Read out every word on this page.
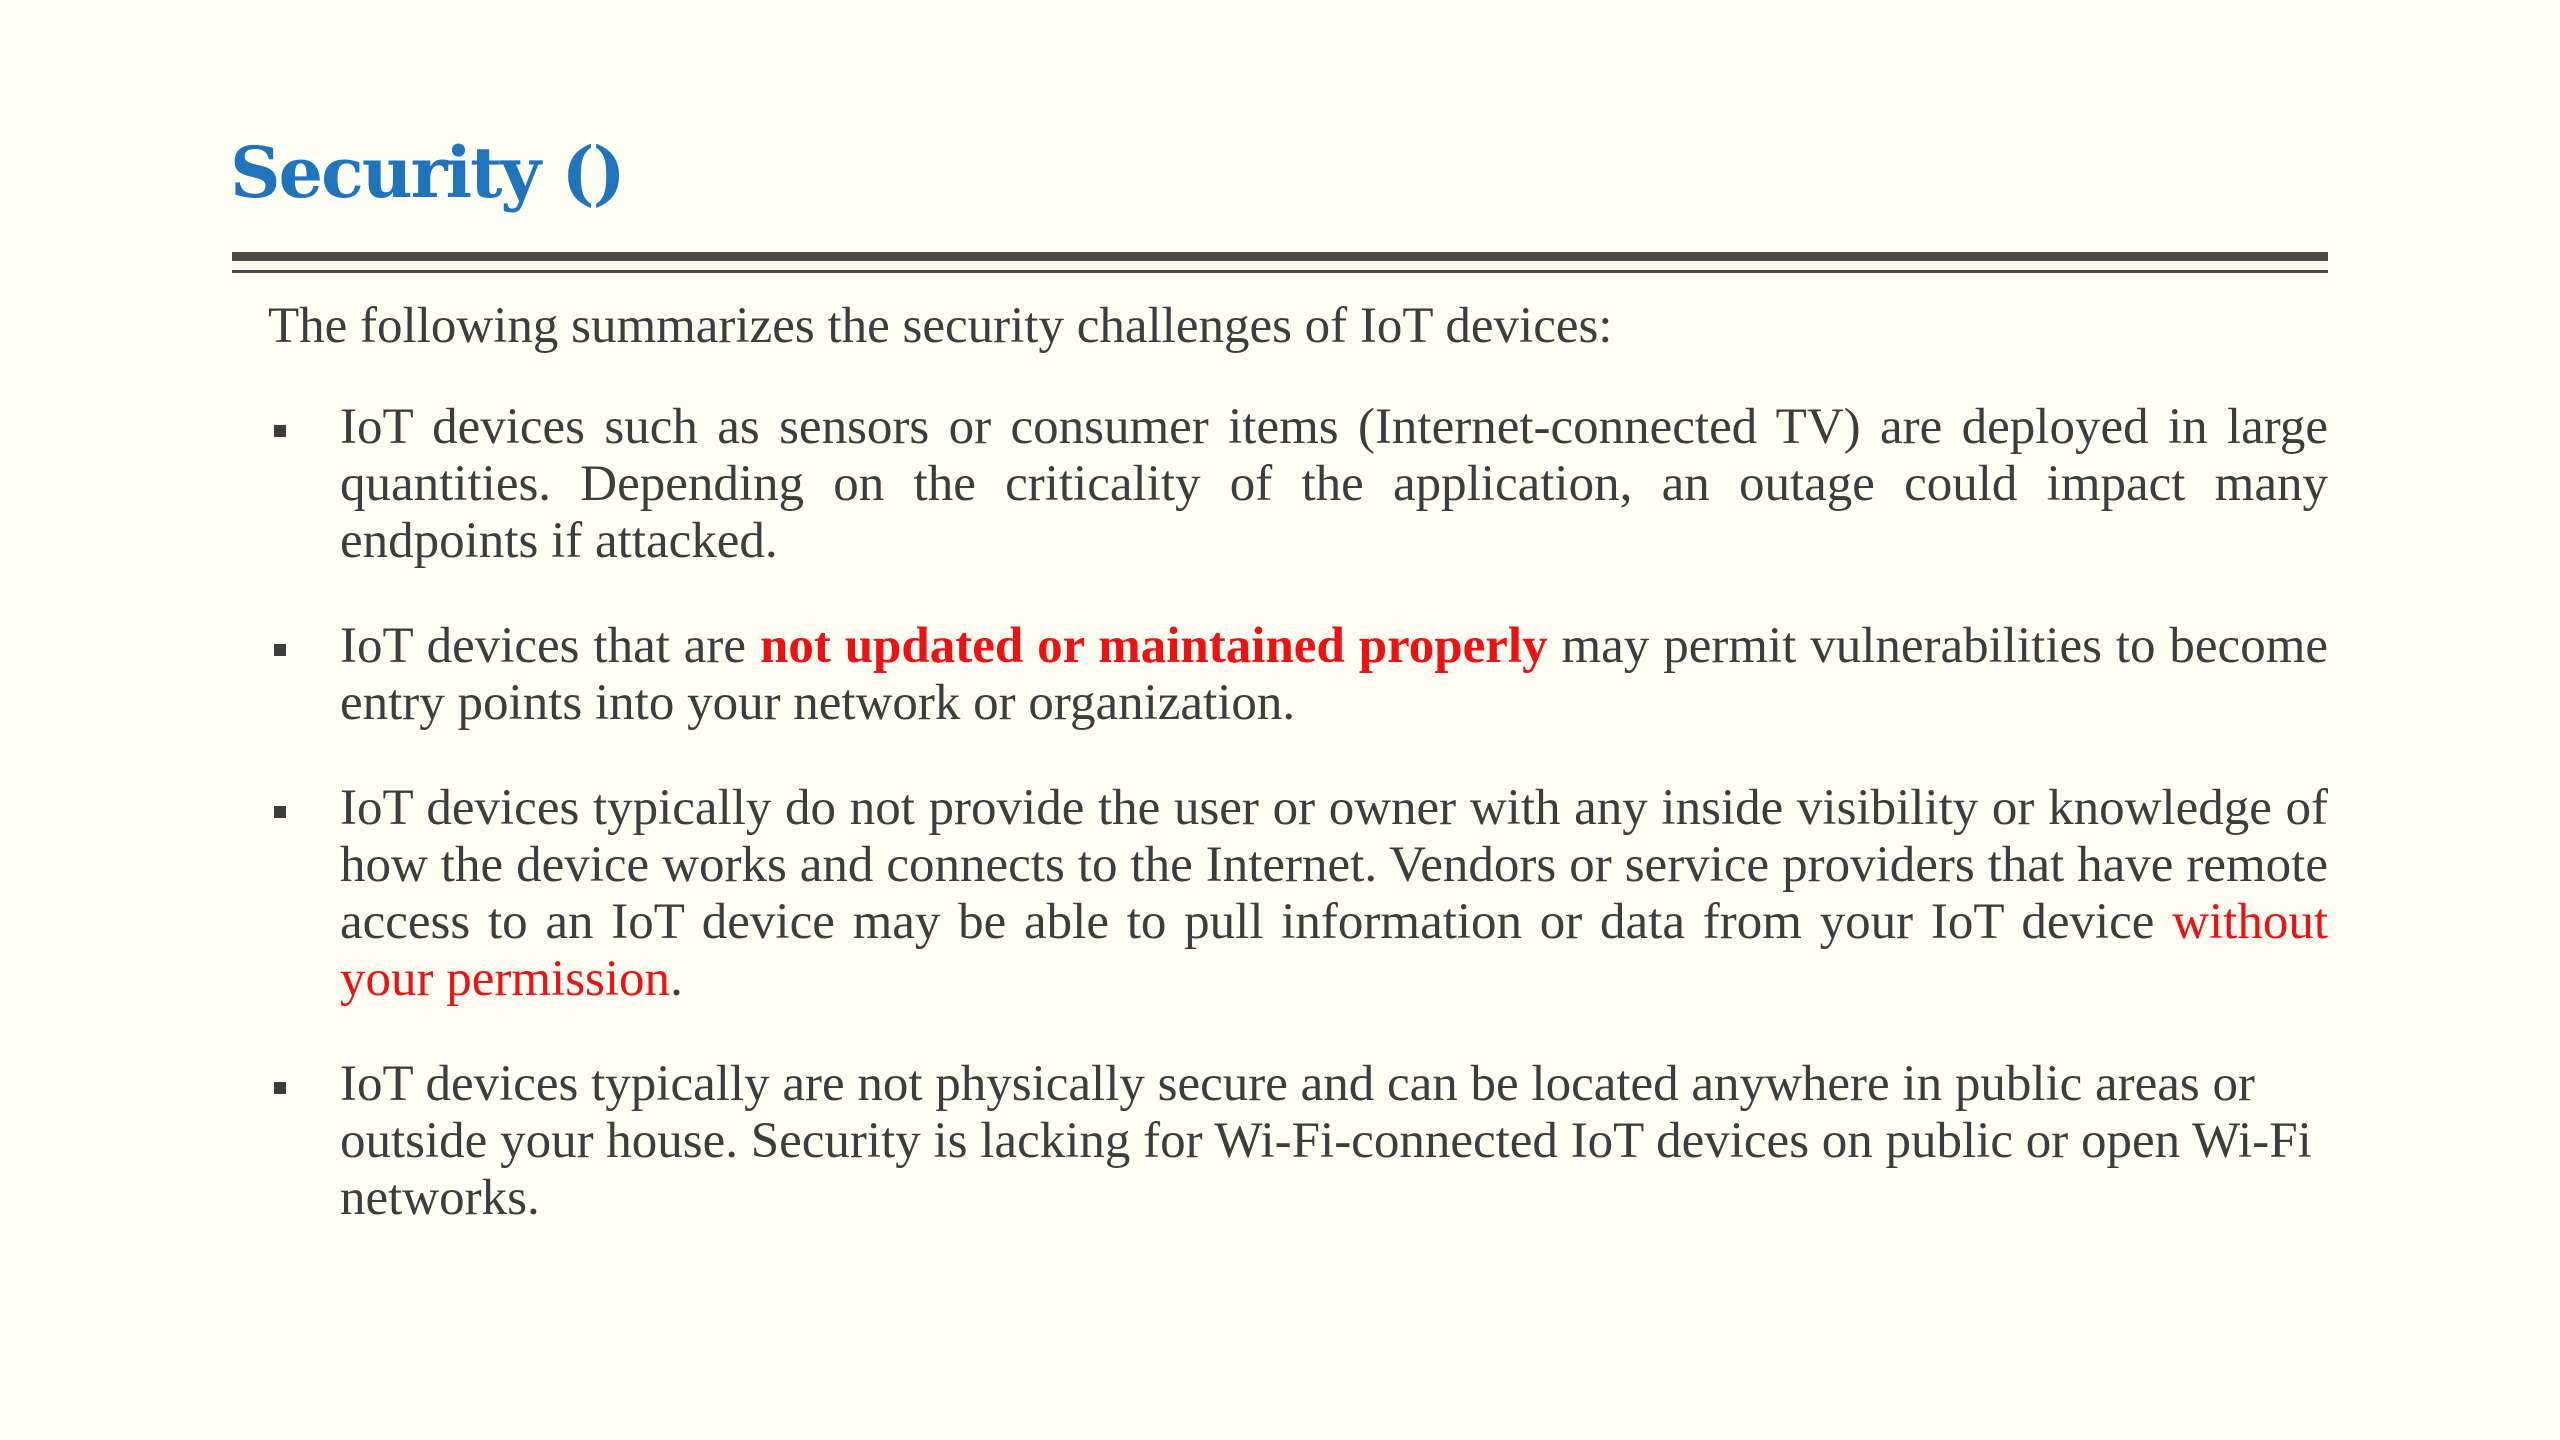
Security ()

The following summarizes the security challenges of IoT devices:

IoT devices such as sensors or consumer items (Internet-connected TV) are deployed in large quantities. Depending on the criticality of the application, an outage could impact many endpoints if attacked.
IoT devices that are not updated or maintained properly may permit vulnerabilities to become entry points into your network or organization.
IoT devices typically do not provide the user or owner with any inside visibility or knowledge of how the device works and connects to the Internet. Vendors or service providers that have remote access to an IoT device may be able to pull information or data from your IoT device without your permission.
IoT devices typically are not physically secure and can be located anywhere in public areas or outside your house. Security is lacking for Wi-Fi-connected IoT devices on public or open Wi-Fi networks.
